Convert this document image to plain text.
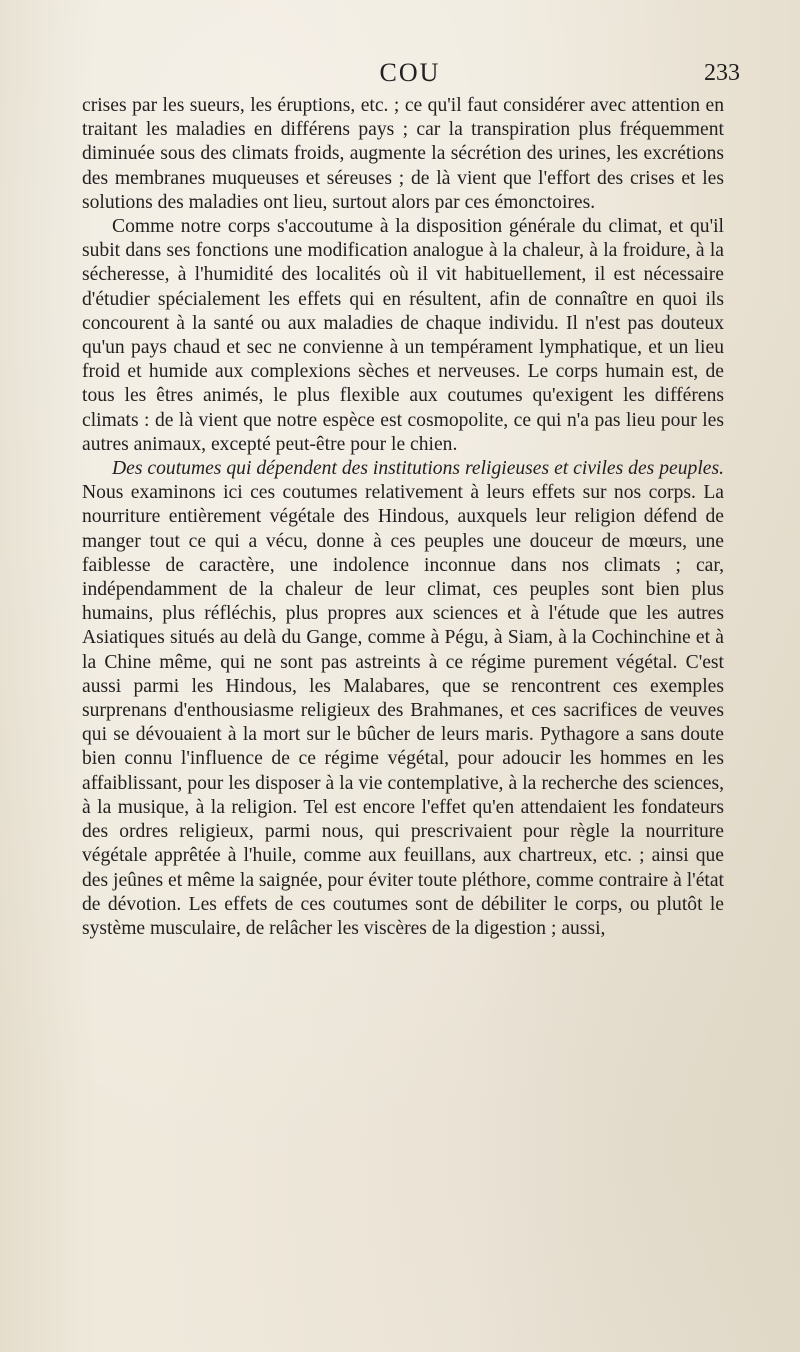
COU	233

crises par les sueurs, les éruptions, etc. ; ce qu'il faut considérer avec attention en traitant les maladies en différens pays ; car la transpiration plus fréquemment diminuée sous des climats froids, augmente la sécrétion des urines, les excrétions des membranes muqueuses et séreuses ; de là vient que l'effort des crises et les solutions des maladies ont lieu, surtout alors par ces émonctoires.

Comme notre corps s'accoutume à la disposition générale du climat, et qu'il subit dans ses fonctions une modification analogue à la chaleur, à la froidure, à la sécheresse, à l'humidité des localités où il vit habituellement, il est nécessaire d'étudier spécialement les effets qui en résultent, afin de connaître en quoi ils concourent à la santé ou aux maladies de chaque individu. Il n'est pas douteux qu'un pays chaud et sec ne convienne à un tempérament lymphatique, et un lieu froid et humide aux complexions sèches et nerveuses. Le corps humain est, de tous les êtres animés, le plus flexible aux coutumes qu'exigent les différens climats : de là vient que notre espèce est cosmopolite, ce qui n'a pas lieu pour les autres animaux, excepté peut-être pour le chien.

Des coutumes qui dépendent des institutions religieuses et civiles des peuples. Nous examinons ici ces coutumes relativement à leurs effets sur nos corps. La nourriture entièrement végétale des Hindous, auxquels leur religion défend de manger tout ce qui a vécu, donne à ces peuples une douceur de mœurs, une faiblesse de caractère, une indolence inconnue dans nos climats ; car, indépendamment de la chaleur de leur climat, ces peuples sont bien plus humains, plus réfléchis, plus propres aux sciences et à l'étude que les autres Asiatiques situés au delà du Gange, comme à Pégu, à Siam, à la Cochinchine et à la Chine même, qui ne sont pas astreints à ce régime purement végétal. C'est aussi parmi les Hindous, les Malabares, que se rencontrent ces exemples surprenans d'enthousiasme religieux des Brahmanes, et ces sacrifices de veuves qui se dévouaient à la mort sur le bûcher de leurs maris. Pythagore a sans doute bien connu l'influence de ce régime végétal, pour adoucir les hommes en les affaiblissant, pour les disposer à la vie contemplative, à la recherche des sciences, à la musique, à la religion. Tel est encore l'effet qu'en attendaient les fondateurs des ordres religieux, parmi nous, qui prescrivaient pour règle la nourriture végétale apprêtée à l'huile, comme aux feuillans, aux chartreux, etc. ; ainsi que des jeûnes et même la saignée, pour éviter toute pléthore, comme contraire à l'état de dévotion. Les effets de ces coutumes sont de débiliter le corps, ou plutôt le système musculaire, de relâcher les viscères de la digestion ; aussi,
